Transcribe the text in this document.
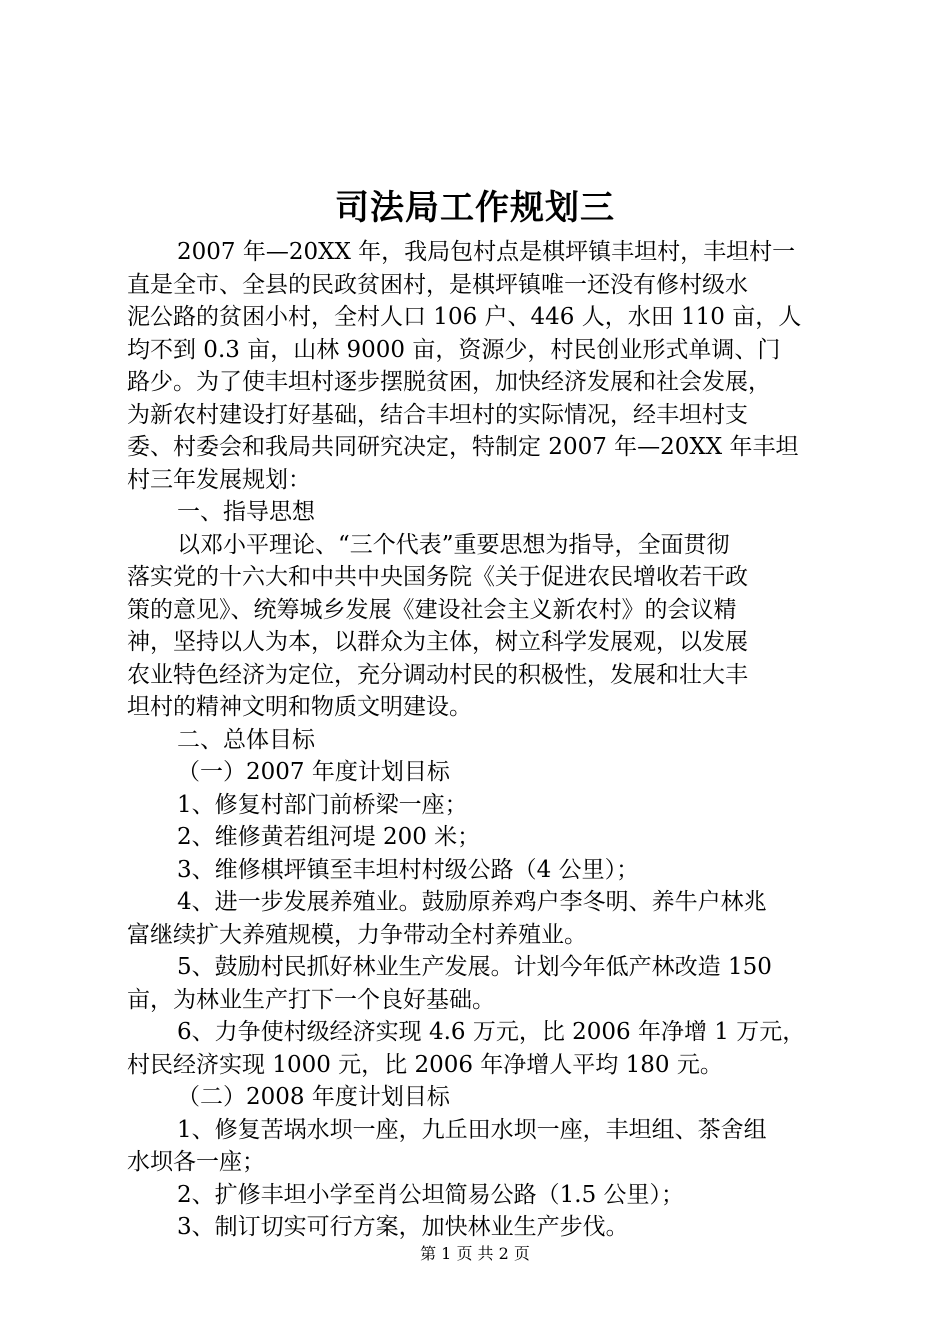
司法局工作规划三
2007 年—20XX 年，我局包村点是棋坪镇丰坦村，丰坦村一
直是全市、全县的民政贫困村，是棋坪镇唯一还没有修村级水
泥公路的贫困小村，全村人口 106 户、446 人，水田 110 亩，人
均不到 0.3 亩，山林 9000 亩，资源少，村民创业形式单调、门
路少。为了使丰坦村逐步摆脱贫困，加快经济发展和社会发展，
为新农村建设打好基础，结合丰坦村的实际情况，经丰坦村支
委、村委会和我局共同研究决定，特制定 2007 年—20XX 年丰坦
村三年发展规划：
一、指导思想
以邓小平理论、“三个代表”重要思想为指导，全面贯彻
落实党的十六大和中共中央国务院《关于促进农民增收若干政
策的意见》、统筹城乡发展《建设社会主义新农村》的会议精
神，坚持以人为本，以群众为主体，树立科学发展观，以发展
农业特色经济为定位，充分调动村民的积极性，发展和壮大丰
坦村的精神文明和物质文明建设。
二、总体目标
（一）2007 年度计划目标
1、修复村部门前桥梁一座；
2、维修黄若组河堤 200 米；
3、维修棋坪镇至丰坦村村级公路（4 公里）；
4、进一步发展养殖业。鼓励原养鸡户李冬明、养牛户林兆
富继续扩大养殖规模，力争带动全村养殖业。
5、鼓励村民抓好林业生产发展。计划今年低产林改造 150
亩，为林业生产打下一个良好基础。
6、力争使村级经济实现 4.6 万元，比 2006 年净增 1 万元，
村民经济实现 1000 元，比 2006 年净增人平均 180 元。
（二）2008 年度计划目标
1、修复苦埚水坝一座，九丘田水坝一座，丰坦组、茶舍组
水坝各一座；
2、扩修丰坦小学至肖公坦简易公路（1.5 公里）；
3、制订切实可行方案，加快林业生产步伐。
第 1 页 共 2 页
